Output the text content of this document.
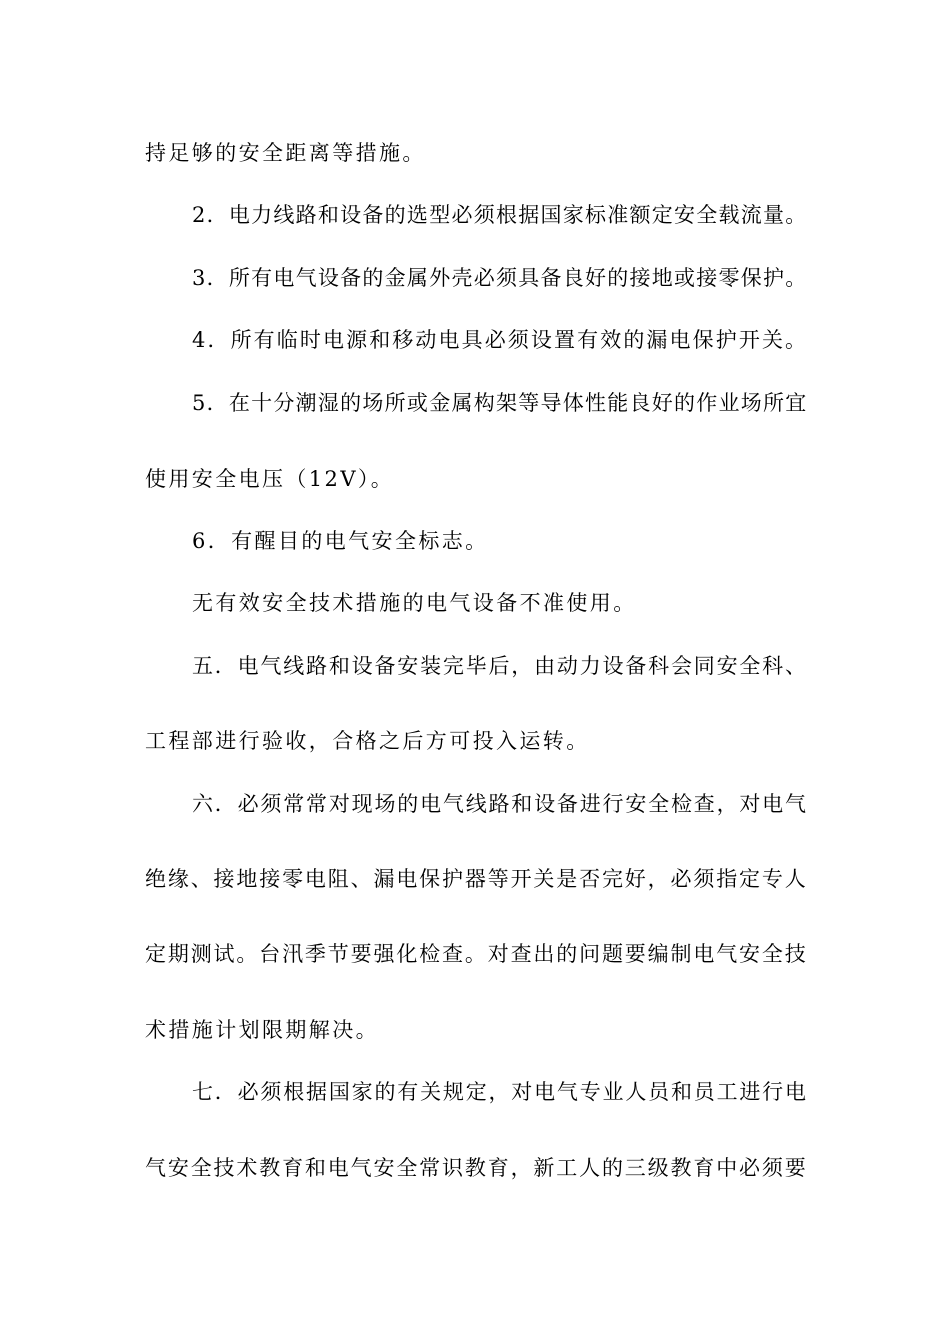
持足够的安全距离等措施。

2．电力线路和设备的选型必须根据国家标准额定安全载流量。

3．所有电气设备的金属外壳必须具备良好的接地或接零保护。

4．所有临时电源和移动电具必须设置有效的漏电保护开关。

5．在十分潮湿的场所或金属构架等导体性能良好的作业场所宜

使用安全电压（12V）。

6．有醒目的电气安全标志。

无有效安全技术措施的电气设备不准使用。

五．电气线路和设备安装完毕后，由动力设备科会同安全科、

工程部进行验收，合格之后方可投入运转。

六．必须常常对现场的电气线路和设备进行安全检查，对电气

绝缘、接地接零电阻、漏电保护器等开关是否完好，必须指定专人

定期测试。台汛季节要强化检查。对查出的问题要编制电气安全技

术措施计划限期解决。

七．必须根据国家的有关规定，对电气专业人员和员工进行电

气安全技术教育和电气安全常识教育，新工人的三级教育中必须要
